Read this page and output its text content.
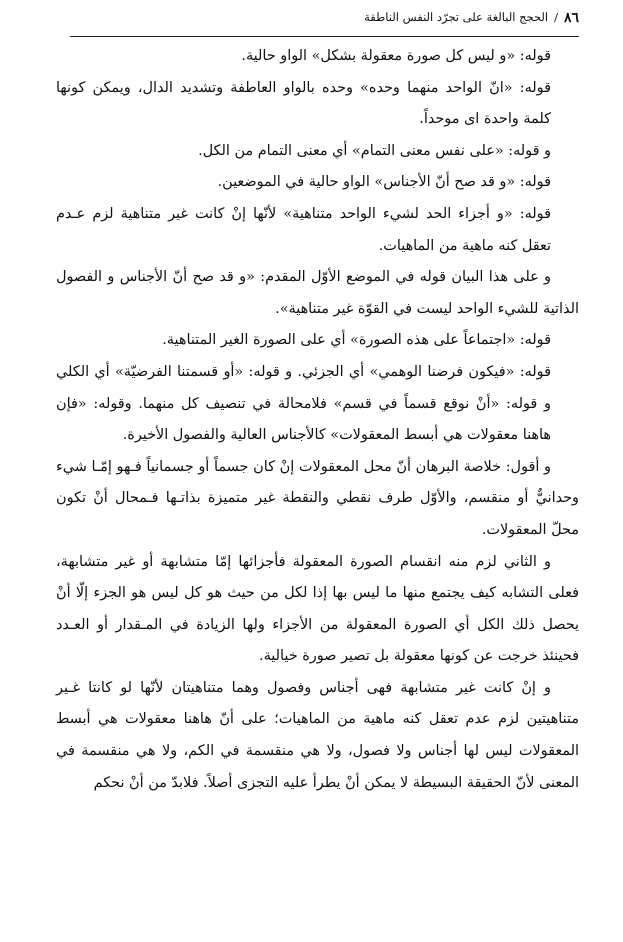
٨٦
/
الحجج البالغة على تجرّد النفس الناطقة

قوله: «و ليس كل صورة معقولة بشكل» الواو حالية.

قوله: «انّ الواحد منهما وحده» وحده بالواو العاطفة وتشديد الدال، ويمكن كونها كلمة واحدة اى موحداً.

و قوله: «على نفس معنى التمام» أي معنى التمام من الكل.

قوله: «و قد صح أنّ الأجناس» الواو حالية في الموضعين.

قوله: «و أجزاء الحد لشيء الواحد متناهية» لأنّها إنْ كانت غير متناهية لزم عـدم تعقل كنه ماهية من الماهيات.

و على هذا البيان قوله في الموضع الأوّل المقدم: «و قد صح أنّ الأجناس و الفصول الذاتية للشيء الواحد ليست في القوّة غير متناهية».

قوله: «اجتماعاً على هذه الصورة» أي على الصورة الغير المتناهية.

قوله: «فيكون فرضنا الوهمي» أي الجزئي. و قوله: «أو قسمتنا الفرضيّة» أي الكلي و قوله: «أنْ نوقع قسماً في قسم» فلامحالة في تنصيف كل منهما. وقوله: «فإن هاهنا معقولات هي أبسط المعقولات» كالأجناس العالية والفصول الأخيرة.

و أقول: خلاصة البرهان أنّ محل المعقولات إنْ كان جسماً أو جسمانياً فـهو إمّـا شيء وحدانيٌّ أو منقسم، والأوّل طرف نقطي والنقطة غير متميزة بذاتـها فـمحال أنْ تكون محلّ المعقولات.

و الثاني لزم منه انقسام الصورة المعقولة فأجزائها إمّا متشابهة أو غير متشابهة، فعلى التشابه كيف يجتمع منها ما ليس بها إذا لكل من حيث هو كل ليس هو الجزء إلّا أنْ يحصل ذلك الكل أي الصورة المعقولة من الأجزاء ولها الزيادة في المـقدار أو العـدد فحينئذ خرجت عن كونها معقولة بل تصير صورة خيالية.

و إنْ كانت غير متشابهة فهى أجناس وفصول وهما متناهيتان لأنّها لو كانتا غـير متناهيتين لزم عدم تعقل كنه ماهية من الماهيات؛ على أنّ هاهنا معقولات هي أبسط المعقولات ليس لها أجناس ولا فصول، ولا هي منقسمة في الكم، ولا هي منقسمة في المعنى لأنّ الحقيقة البسيطة لا يمكن أنْ يطرأ عليه التجزى أصلاً. فلابدّ من أنْ نحكم
